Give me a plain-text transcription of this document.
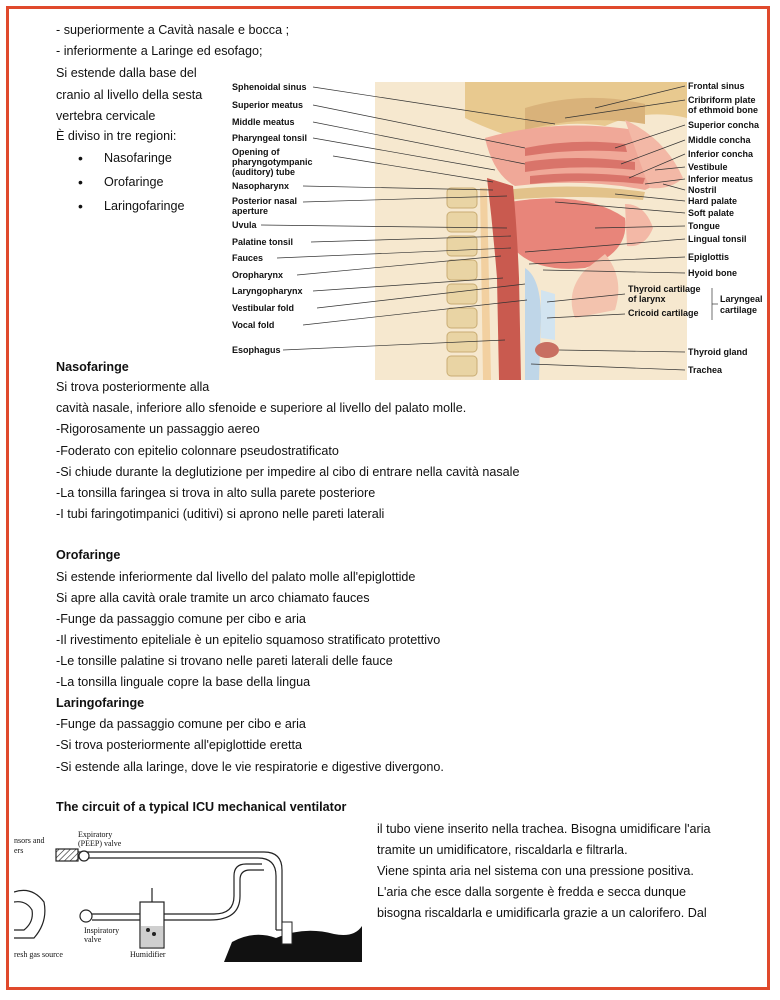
- superiormente a Cavità nasale e bocca ;
- inferiormente a Laringe ed esofago;
Si estende dalla base del
cranio al livello della sesta
vertebra cervicale
È diviso in tre regioni:
• Nasofaringe
• Orofaringe
• Laringofaringe
Sphenoidal sinus
Superior meatus
Middle meatus
Pharyngeal tonsil
Opening of
pharyngotympanic
(auditory) tube
Nasopharynx
Posterior nasal
aperture
Uvula
Palatine tonsil
Fauces
Oropharynx
Laryngopharynx
Vestibular fold
Vocal fold
Esophagus
Frontal sinus
Cribriform plate
of ethmoid bone
Superior concha
Middle concha
Inferior concha
Vestibule
Inferior meatus
Nostril
Hard palate
Soft palate
Tongue
Lingual tonsil
Epiglottis
Hyoid bone
Thyroid cartilage
of larynx
Cricoid cartilage
Laryngeal
cartilage
Thyroid gland
Trachea
Nasofaringe
Si trova posteriormente alla
cavità nasale, inferiore allo sfenoide e superiore al livello del palato molle.
-Rigorosamente un passaggio aereo
-Foderato con epitelio colonnare pseudostratificato
-Si chiude durante la deglutizione per impedire al cibo di entrare nella cavità nasale
-La tonsilla faringea si trova in alto sulla parete posteriore
-I tubi faringotimpanici (uditivi) si aprono nelle pareti laterali
Orofaringe
Si estende inferiormente dal livello del palato molle all'epiglottide
Si apre alla cavità orale tramite un arco chiamato fauces
-Funge da passaggio comune per cibo e aria
-Il rivestimento epiteliale è un epitelio squamoso stratificato protettivo
-Le tonsille palatine si trovano nelle pareti laterali delle fauce
-La tonsilla linguale copre la base della lingua
Laringofaringe
-Funge da passaggio comune per cibo e aria
-Si trova posteriormente all'epiglottide eretta
-Si estende alla laringe, dove le vie respiratorie e digestive divergono.
The circuit of a typical ICU mechanical ventilator
nsors and
ers
Expiratory
(PEEP) valve
Inspiratory
valve
Humidifier
resh gas source
il tubo viene inserito nella trachea. Bisogna umidificare l'aria
tramite un umidificatore, riscaldarla e filtrarla.
Viene spinta aria nel sistema con una pressione positiva.
L'aria che esce dalla sorgente è fredda e secca dunque
bisogna riscaldarla e umidificarla grazie a un calorifero. Dal
